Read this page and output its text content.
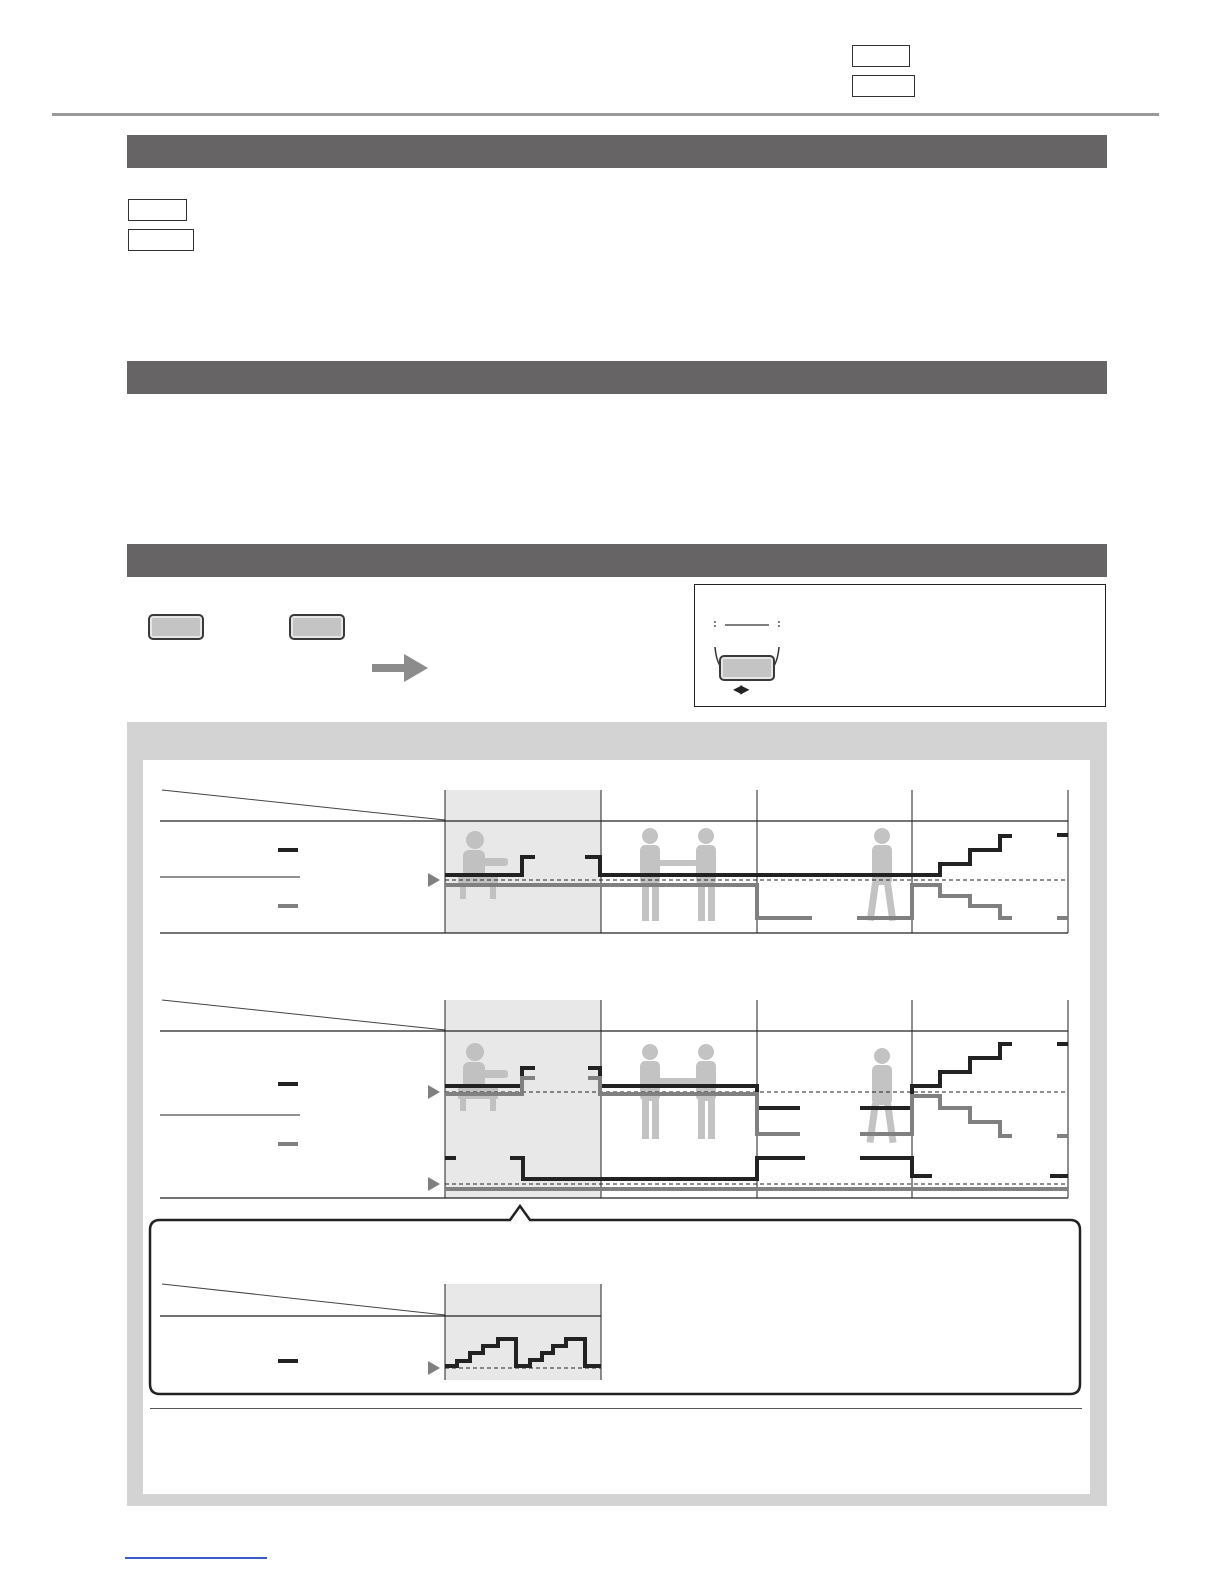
◀▶
